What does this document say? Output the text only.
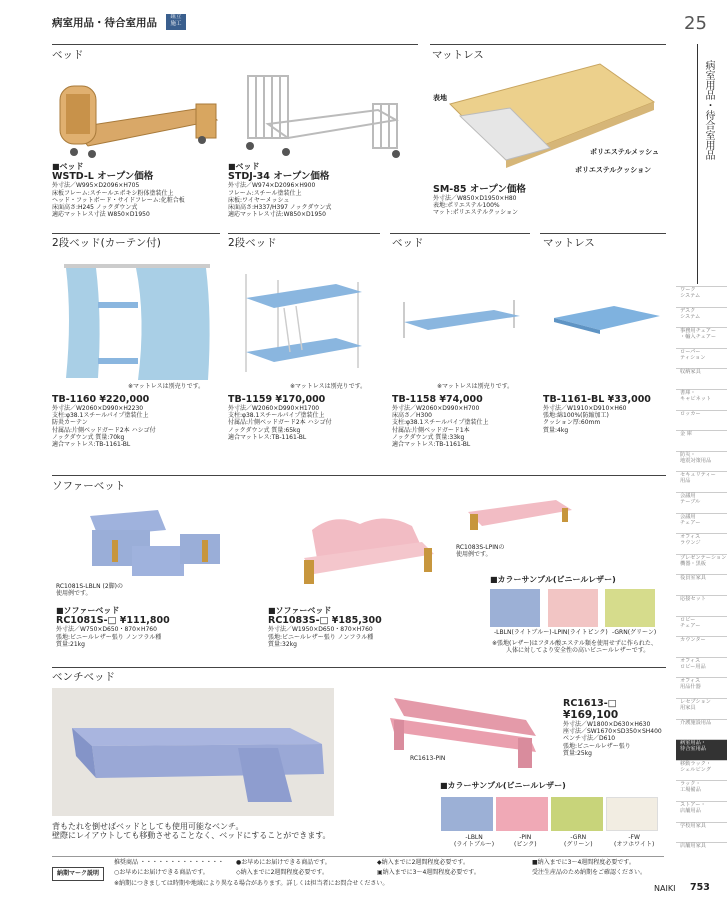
病室用品・待合室用品	組立
施工	25
病室用品・待合室用品
ベッド	マットレス
■ベッド
WSTD-L オープン価格
外寸法／W995×D2096×H705
床板フレーム:スチールエポキシ粉体塗装仕上
ヘッド・フットボード・サイドフレーム:化粧合板
床面高さ:H245 ノックダウン式
適応マットレス寸法 W850×D1950
■ベッド
STDJ-34 オープン価格
外寸法／W974×D2096×H900
フレーム:スチール塗装仕上
床板:ワイヤーメッシュ
床面高さ:H337/H397 ノックダウン式
適応マットレス寸法:W850×D1950
表地
ポリエステルメッシュ
ポリエステルクッション
SM-85 オープン価格
外寸法／W850×D1950×H80
表地:ポリエステル100%
マット:ポリエステルクッション
2段ベッド(カーテン付)	2段ベッド	ベッド	マットレス
※マットレスは別売りです。
TB-1160 ¥220,000
外寸法／W2060×D990×H2230
支柱:φ38.1スチールパイプ塗装仕上
防炎カーテン
付属品:片側ベッドガード2本 ハシゴ付
ノックダウン式 質量:70kg
適合マットレス:TB-1161-BL
※マットレスは別売りです。
TB-1159 ¥170,000
外寸法／W2060×D990×H1700
支柱:φ38.1スチールパイプ塗装仕上
付属品:片側ベッドガード2本 ハシゴ付
ノックダウン式 質量:65kg
適合マットレス:TB-1161-BL
※マットレスは別売りです。
TB-1158 ¥74,000
外寸法／W2060×D990×H700
床高さ／H300
支柱:φ38.1スチールパイプ塗装仕上
付属品:片側ベッドガード1本
ノックダウン式 質量:33kg
適合マットレス:TB-1161-BL
TB-1161-BL ¥33,000
外寸法／W1910×D910×H60
張地:綿100%(防縮加工)
クッション厚:60mm
質量:4kg
ソファーベット
RC1081S-LBLN (2脚)の
使用例です。
■ソファーベッド
RC1081S-□ ¥111,800
外寸法／W750×D650・870×H760
張地:ビニールレザー張り ノンフラル種
質量:21kg
■ソファーベッド
RC1083S-□ ¥185,300
外寸法／W1950×D650・870×H760
張地:ビニールレザー張り ノンフラル種
質量:32kg
RC1083S-LPINの
使用例です。
■カラーサンプル(ビニールレザー)
-LBLN(ライトブルー) -LPIN(ライトピンク) -GRN(グリーン)
※張地(レザー)はフタル酸エステル類を使用せずに作られた、
人体に対してより安全性の高いビニールレザーです。
ベンチベッド
背もたれを倒せばベッドとしても使用可能なベンチ。
壁際にレイアウトしても移動させることなく、ベッドにすることができます。
RC1613-PIN
RC1613-□
¥169,100
外寸法／W1800×D630×H630
座寸法／SW1670×SD350×SH400
ベンチ寸法／D610
張地:ビニールレザー張り
質量:25kg
■カラーサンプル(ビニールレザー)
-LBLN
(ライトブルー)
-PIN
(ピンク)
-GRN
(グリーン)
-FW
(オフホワイト)
納期マーク説明
推奨商品 ・・・・・・・・・・・・・・ ●お早めにお届けできる商品です。	◆納入までに2週間程度必要です。	■納入までに3〜4週間程度必要です。
○お早めにお届けできる商品です。	◇納入までに2週間程度必要です。	▣納入までに3〜4週間程度必要です。	受注生産品のため納期をご確認ください。
※納期につきましては時期や地域により異なる場合があります。詳しくは担当者にお問合せください。
NAIKI 753
ワーク
システム
デスク
システム
事務用チェアー
・輸入チェアー
ローパー
ティション
収納家具
書庫・
キャビネット
ロッカー
金 庫
防災・
地震対策用品
セキュリティー
用品
会議用
テーブル
会議用
チェアー
オフィス
ラウンジ
プレゼンテーション
機器・黒板
役員室家具
応接セット
ロビー
チェアー
カウンター
オフィス
ロビー用品
オフィス
用品什器
レセプション
用家具
介護施設用品
病室用品・
待合室用品
移動ラック・
シェルビング
ラック・
工場備品
ストアー・
店舗用品
学校用家具
店舗用家具
